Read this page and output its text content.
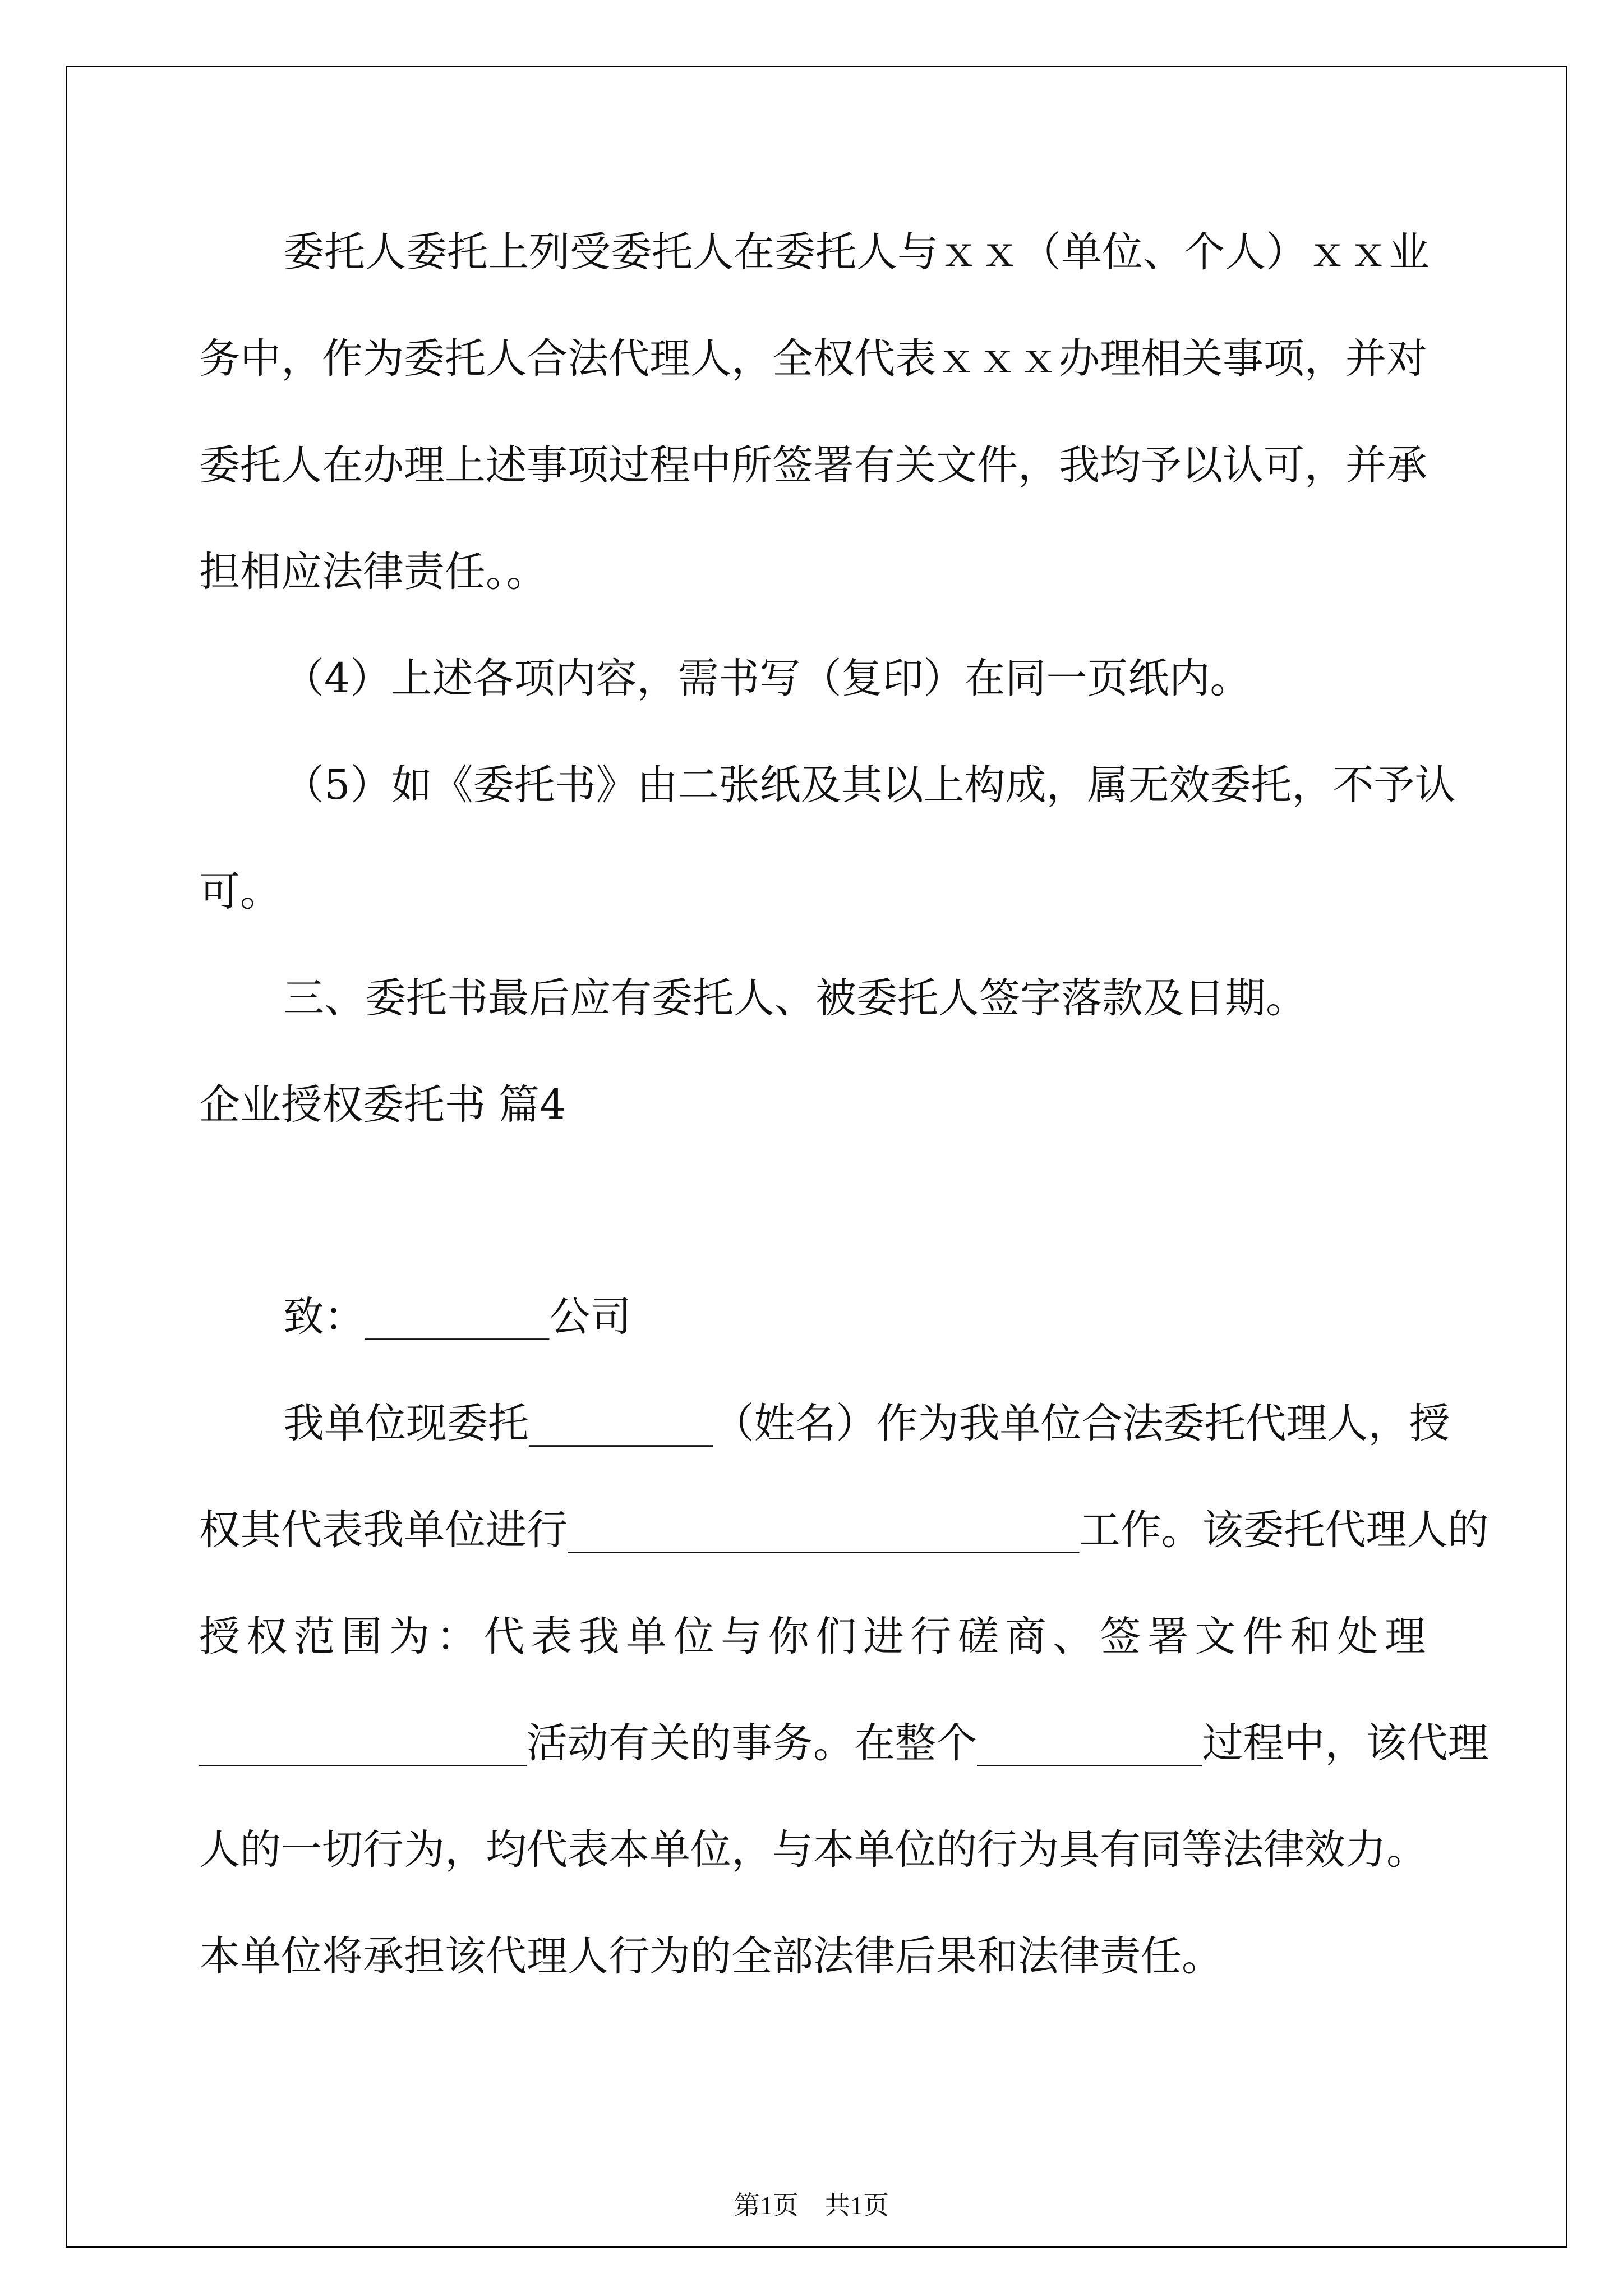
委托人委托上列受委托人在委托人与ｘｘ（单位、个人）ｘｘ业
务中，作为委托人合法代理人，全权代表ｘｘｘ办理相关事项，并对
委托人在办理上述事项过程中所签署有关文件，我均予以认可，并承
担相应法律责任。。
（4）上述各项内容，需书写（复印）在同一页纸内。
（5）如《委托书》由二张纸及其以上构成，属无效委托，不予认
可。
三、委托书最后应有委托人、被委托人签字落款及日期。
企业授权委托书 篇4
致：_________公司
我单位现委托_________（姓名）作为我单位合法委托代理人，授
权其代表我单位进行_________________________工作。该委托代理人的
授权范围为：代表我单位与你们进行磋商、签署文件和处理
________________活动有关的事务。在整个___________过程中，该代理
人的一切行为，均代表本单位，与本单位的行为具有同等法律效力。
本单位将承担该代理人行为的全部法律后果和法律责任。
第1页　共1页
